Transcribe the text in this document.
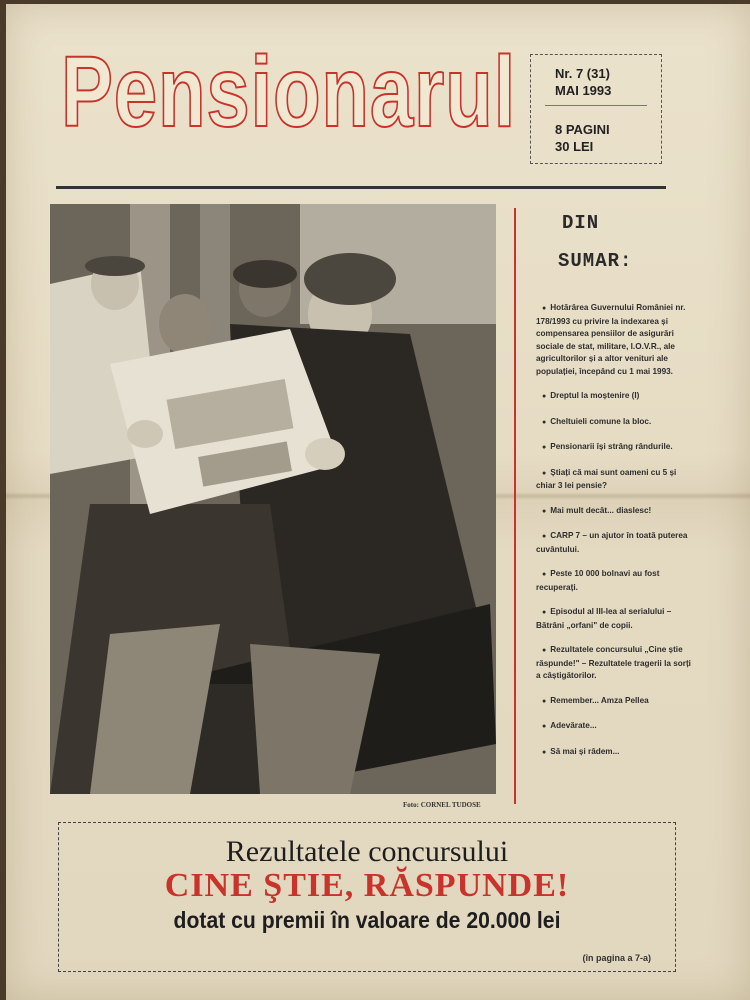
Pensionarul	Nr. 7 (31)
MAI 1993
8 PAGINI
30 LEI
Foto: CORNEL TUDOSE
DIN
SUMAR:
● Hotărârea Guvernului României nr. 178/1993 cu privire la indexarea și compensarea pensiilor de asigurări sociale de stat, militare, I.O.V.R., ale agricultorilor și a altor venituri ale populației, începând cu 1 mai 1993.
● Dreptul la moștenire (I)
● Cheltuieli comune la bloc.
● Pensionarii își strâng rândurile.
● Știați că mai sunt oameni cu 5 și chiar 3 lei pensie?
● Mai mult decât... diaslesc!
● CARP 7 – un ajutor în toată puterea cuvântului.
● Peste 10 000 bolnavi au fost recuperați.
● Episodul al III-lea al serialului – Bătrâni „orfani" de copii.
● Rezultatele concursului „Cine știe răspunde!" – Rezultatele tragerii la sorți a câștigătorilor.
● Remember... Amza Pellea
● Adevărate...
● Să mai și râdem...
Rezultatele concursului
CINE ŞTIE, RĂSPUNDE!
dotat cu premii în valoare de 20.000 lei
(în pagina a 7-a)
